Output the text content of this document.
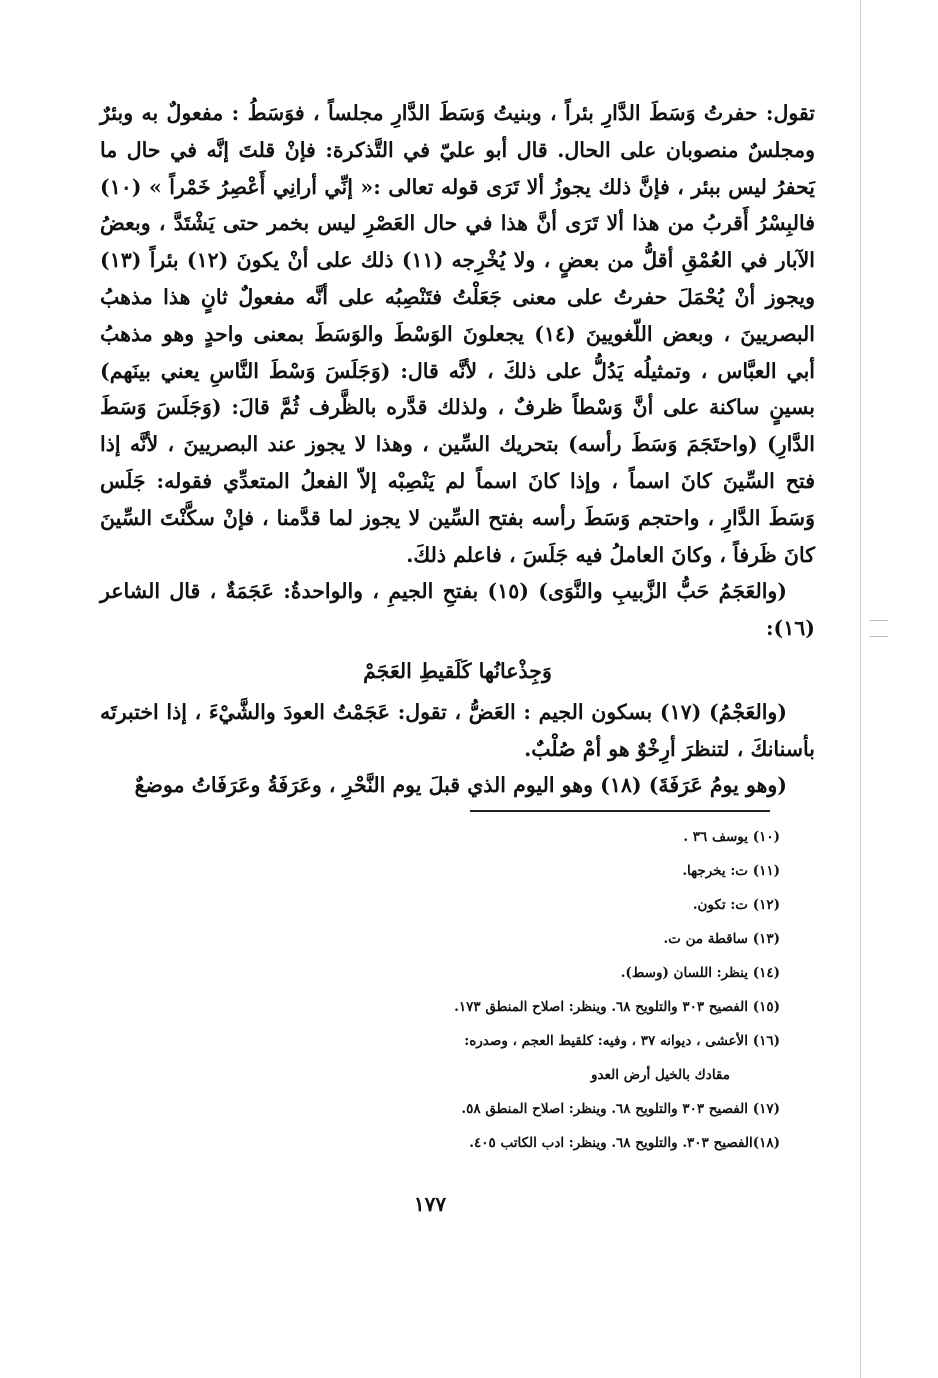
تقول: حفرتُ وَسَطَ الدَّارِ بئراً ، وبنيتُ وَسَطَ الدَّارِ مجلساً ، فوَسَطُ : مفعولٌ به وبئرٌ ومجلسٌ منصوبان على الحال. قال أبو عليّ في التَّذكرة: فإنْ قلتَ إنَّه في حال ما يَحفرُ ليس ببئر ، فإنَّ ذلك يجوزُ ألا تَرَى قوله تعالى :« إنِّي أرانِي أَعْصِرُ خَمْراً » (١٠) فالبِسْرُ أَقربُ من هذا ألا تَرَى أنَّ هذا في حال العَصْرِ ليس بخمر حتى يَشْتَدَّ ، وبعضُ الآبار في العُمْقِ أقلُّ من بعضٍ ، ولا يُخْرِجه (١١) ذلك على أنْ يكونَ (١٢) بئراً (١٣) ويجوز أنْ يُحْمَلَ حفرتُ على معنى جَعَلْتُ فتَنْصِبُه على أنَّه مفعولٌ ثانٍ هذا مذهبُ البصريينَ ، وبعض اللّغويينَ (١٤) يجعلونَ الوَسْطَ والوَسَطَ بمعنى واحدٍ وهو مذهبُ أبي العبَّاس ، وتمثيلُه يَدُلُّ على ذلكَ ، لأنَّه قال: (وَجَلَسَ وَسْطَ النَّاسِ يعني بينَهم) بسينٍ ساكنة على أنَّ وَسْطاً ظرفٌ ، ولذلك قدَّره بالظَّرف ثُمَّ قالَ: (وَجَلَسَ وَسَطَ الدَّارِ) (واحتَجَمَ وَسَطَ رأسه) بتحريك السِّين ، وهذا لا يجوز عند البصريينَ ، لأنَّه إذا فتح السِّينَ كانَ اسماً ، وإذا كانَ اسماً لم يَنْصِبْه إلاّ الفعلُ المتعدِّي فقوله: جَلَس وَسَطَ الدَّارِ ، واحتجم وَسَطَ رأسه بفتح السِّين لا يجوز لما قدَّمنا ، فإنْ سكَّنْتَ السِّينَ كانَ ظَرفاً ، وكانَ العاملُ فيه جَلَسَ ، فاعلم ذلكَ.

(والعَجَمُ حَبُّ الزَّبيبِ والنَّوَى) (١٥) بفتحِ الجيمِ ، والواحدةُ: عَجَمَةٌ ، قال الشاعر (١٦):

وَجِذْعانُها كَلَقيطِ العَجَمْ

(والعَجْمُ) (١٧) بسكون الجيم : العَضُّ ، تقول: عَجَمْتُ العودَ والشَّيْءَ ، إذا اختبرتَه بأسنانكَ ، لتنظرَ أرِخْوٌ هو أمْ صُلْبٌ.

(وهو يومُ عَرَفَةَ) (١٨) وهو اليوم الذي قبلَ يوم النَّحْرِ ، وعَرَفَةُ وعَرَفَاتُ موضعٌ

(١٠) يوسف ٣٦ .
(١١) ت: يخرجها.
(١٢) ت: تكون.
(١٣) ساقطة من ت.
(١٤) ينظر: اللسان (وسط).
(١٥) الفصيح ٣٠٣ والتلويح ٦٨. وينظر: اصلاح المنطق ١٧٣.
(١٦) الأعشى ، ديوانه ٣٧ ، وفيه: كلقيط العجم ، وصدره:
مقادك بالخيل أرض العدو
(١٧) الفصيح ٣٠٣ والتلويح ٦٨. وينظر: اصلاح المنطق ٥٨.
(١٨)الفصيح ٣٠٣. والتلويح ٦٨. وينظر: ادب الكاتب ٤٠٥.
١٧٧
